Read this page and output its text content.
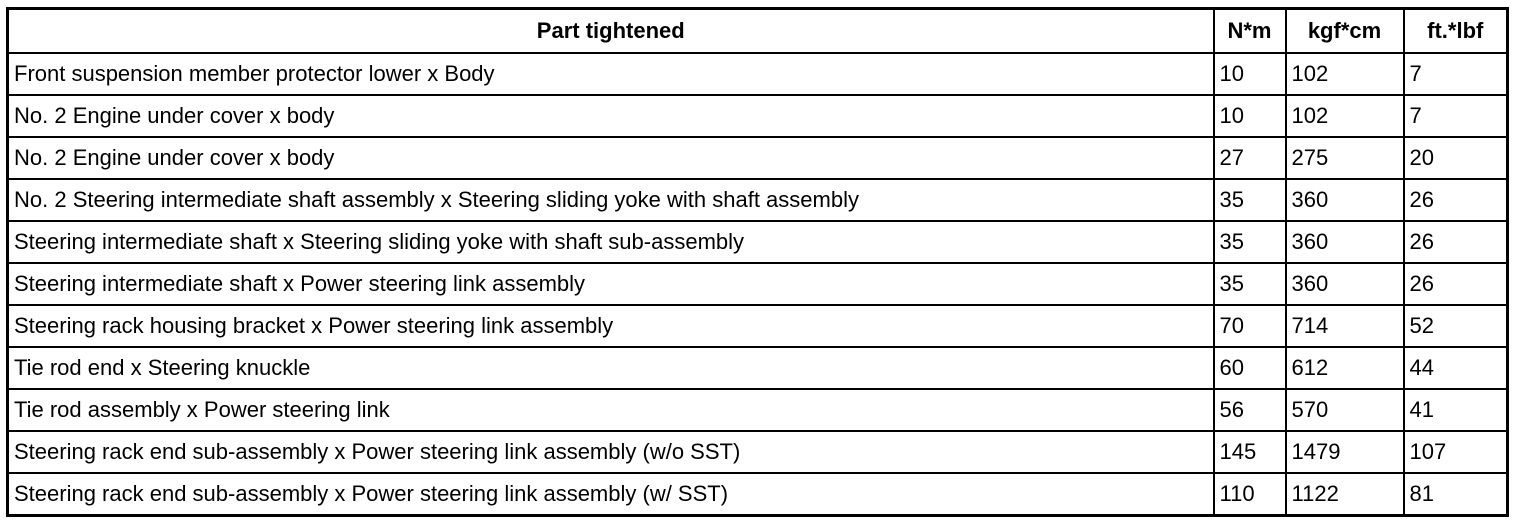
Part tightened	N*m	kgf*cm	ft.*lbf
Front suspension member protector lower x Body	10	102	7
No. 2 Engine under cover x body	10	102	7
No. 2 Engine under cover x body	27	275	20
No. 2 Steering intermediate shaft assembly x Steering sliding yoke with shaft assembly	35	360	26
Steering intermediate shaft x Steering sliding yoke with shaft sub-assembly	35	360	26
Steering intermediate shaft x Power steering link assembly	35	360	26
Steering rack housing bracket x Power steering link assembly	70	714	52
Tie rod end x Steering knuckle	60	612	44
Tie rod assembly x Power steering link	56	570	41
Steering rack end sub-assembly x Power steering link assembly (w/o SST)	145	1479	107
Steering rack end sub-assembly x Power steering link assembly (w/ SST)	110	1122	81
